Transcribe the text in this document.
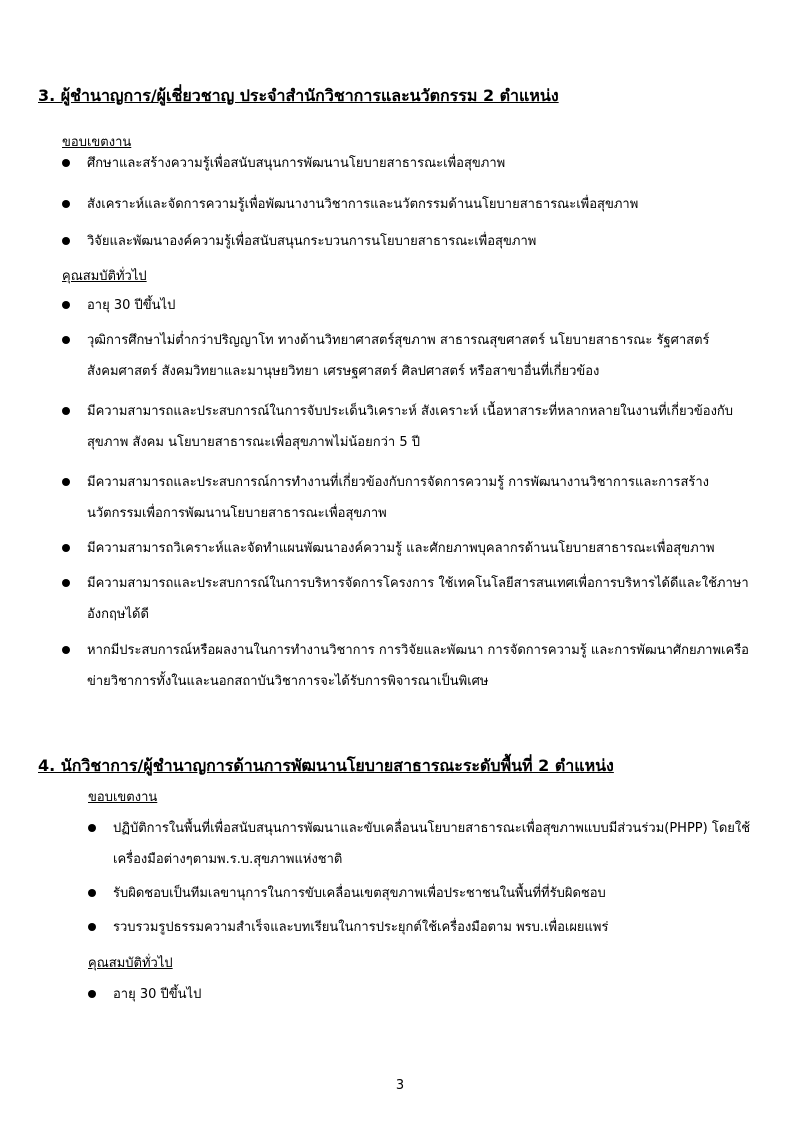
3. ผู้ชำนาญการ/ผู้เชี่ยวชาญ ประจำสำนักวิชาการและนวัตกรรม 2 ตำแหน่ง
ขอบเขตงาน
ศึกษาและสร้างความรู้เพื่อสนับสนุนการพัฒนานโยบายสาธารณะเพื่อสุขภาพ
สังเคราะห์และจัดการความรู้เพื่อพัฒนางานวิชาการและนวัตกรรมด้านนโยบายสาธารณะเพื่อสุขภาพ
วิจัยและพัฒนาองค์ความรู้เพื่อสนับสนุนกระบวนการนโยบายสาธารณะเพื่อสุขภาพ
คุณสมบัติทั่วไป
อายุ 30 ปีขึ้นไป
วุฒิการศึกษาไม่ต่ำกว่าปริญญาโท ทางด้านวิทยาศาสตร์สุขภาพ สาธารณสุขศาสตร์ นโยบายสาธารณะ รัฐศาสตร์ สังคมศาสตร์ สังคมวิทยาและมานุษยวิทยา เศรษฐศาสตร์ ศิลปศาสตร์ หรือสาขาอื่นที่เกี่ยวข้อง
มีความสามารถและประสบการณ์ในการจับประเด็นวิเคราะห์ สังเคราะห์ เนื้อหาสาระที่หลากหลายในงานที่เกี่ยวข้องกับสุขภาพ สังคม นโยบายสาธารณะเพื่อสุขภาพไม่น้อยกว่า 5 ปี
มีความสามารถและประสบการณ์การทำงานที่เกี่ยวข้องกับการจัดการความรู้ การพัฒนางานวิชาการและการสร้างนวัตกรรมเพื่อการพัฒนานโยบายสาธารณะเพื่อสุขภาพ
มีความสามารถวิเคราะห์และจัดทำแผนพัฒนาองค์ความรู้ และศักยภาพบุคลากรด้านนโยบายสาธารณะเพื่อสุขภาพ
มีความสามารถและประสบการณ์ในการบริหารจัดการโครงการ ใช้เทคโนโลยีสารสนเทศเพื่อการบริหารได้ดีและใช้ภาษาอังกฤษได้ดี
หากมีประสบการณ์หรือผลงานในการทำงานวิชาการ การวิจัยและพัฒนา การจัดการความรู้ และการพัฒนาศักยภาพเครือข่ายวิชาการทั้งในและนอกสถาบันวิชาการจะได้รับการพิจารณาเป็นพิเศษ
4. นักวิชาการ/ผู้ชำนาญการด้านการพัฒนานโยบายสาธารณะระดับพื้นที่ 2 ตำแหน่ง
ขอบเขตงาน
ปฏิบัติการในพื้นที่เพื่อสนับสนุนการพัฒนาและขับเคลื่อนนโยบายสาธารณะเพื่อสุขภาพแบบมีส่วนร่วม(PHPP) โดยใช้เครื่องมือต่างๆตามพ.ร.บ.สุขภาพแห่งชาติ
รับผิดชอบเป็นทีมเลขานุการในการขับเคลื่อนเขตสุขภาพเพื่อประชาชนในพื้นที่ที่รับผิดชอบ
รวบรวมรูปธรรมความสำเร็จและบทเรียนในการประยุกต์ใช้เครื่องมือตาม พรบ.เพื่อเผยแพร่
คุณสมบัติทั่วไป
อายุ 30 ปีขึ้นไป
3
